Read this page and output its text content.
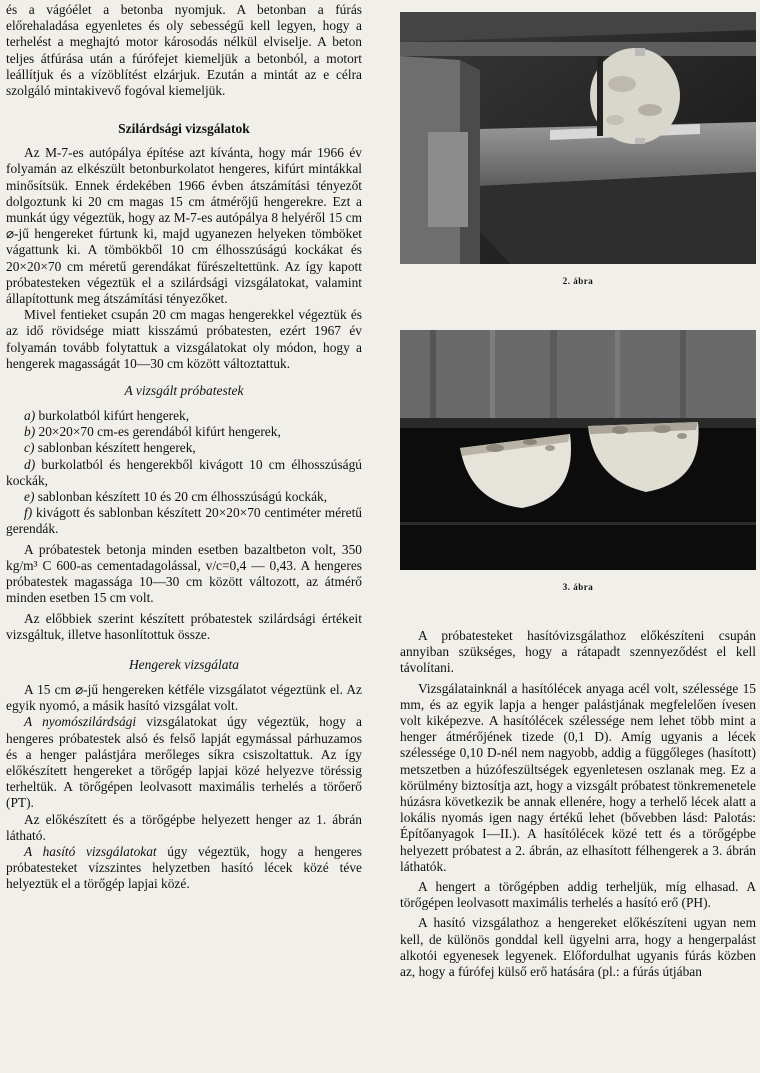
és a vágóélet a betonba nyomjuk. A betonban a fúrás előrehaladása egyenletes és oly sebességű kell legyen, hogy a terhelést a meghajtó motor károsodás nélkül elviselje. A beton teljes átfúrása után a fúrófejet kiemeljük a betonból, a motort leállítjuk és a vízöblítést elzárjuk. Ezután a mintát az e célra szolgáló mintakivevő fogóval kiemeljük.

Szilárdsági vizsgálatok

Az M-7-es autópálya építése azt kívánta, hogy már 1966 év folyamán az elkészült betonburkolatot hengeres, kifúrt mintákkal minősítsük. Ennek érdekében 1966 évben átszámítási tényezőt dolgoztunk ki 20 cm magas 15 cm átmérőjű hengerekre. Ezt a munkát úgy végeztük, hogy az M-7-es autópálya 8 helyéről 15 cm ⌀-jű hengereket fúrtunk ki, majd ugyanezen helyeken tömböket vágattunk ki. A tömbökből 10 cm élhosszúságú kockákat és 20×20×70 cm méretű gerendákat fűrészeltettünk. Az így kapott próbatesteken végeztük el a szilárdsági vizsgálatokat, valamint állapítottunk meg átszámítási tényezőket.

Mivel fentieket csupán 20 cm magas hengerekkel végeztük és az idő rövidsége miatt kisszámú próbatesten, ezért 1967 év folyamán tovább folytattuk a vizsgálatokat oly módon, hogy a hengerek magasságát 10—30 cm között változtattuk.

A vizsgált próbatestek
a) burkolatból kifúrt hengerek,
b) 20×20×70 cm-es gerendából kifúrt hengerek,
c) sablonban készített hengerek,
d) burkolatból és hengerekből kivágott 10 cm élhosszúságú kockák,
e) sablonban készített 10 és 20 cm élhosszúságú kockák,
f) kivágott és sablonban készített 20×20×70 centiméter méretű gerendák.

A próbatestek betonja minden esetben bazaltbeton volt, 350 kg/m³ C 600-as cementadagolással, v/c=0,4 — 0,43. A hengeres próbatestek magassága 10—30 cm között változott, az átmérő minden esetben 15 cm volt.

Az előbbiek szerint készített próbatestek szilárdsági értékeit vizsgáltuk, illetve hasonlítottuk össze.

Hengerek vizsgálata

A 15 cm ⌀-jű hengereken kétféle vizsgálatot végeztünk el. Az egyik nyomó, a másik hasító vizsgálat volt.

A nyomószilárdsági vizsgálatokat úgy végeztük, hogy a hengeres próbatestek alsó és felső lapját egymással párhuzamos és a henger palástjára merőleges síkra csiszoltattuk. Az így előkészített hengereket a törőgép lapjai közé helyezve töréssig terheltük. A törőgépen leolvasott maximális terhelés a törőerő (PT).

Az előkészített és a törőgépbe helyezett henger az 1. ábrán látható.

A hasító vizsgálatokat úgy végeztük, hogy a hengeres próbatesteket vízszintes helyzetben hasító lécek közé téve helyeztük el a törőgép lapjai közé.

2. ábra
3. ábra

A próbatesteket hasítóvizsgálathoz előkészíteni csupán annyiban szükséges, hogy a rátapadt szennyeződést el kell távolítani.

Vizsgálatainknál a hasítólécek anyaga acél volt, szélessége 15 mm, és az egyik lapja a henger palástjának megfelelően ívesen volt kiképezve. A hasítólécek szélessége nem lehet több mint a henger átmérőjének tizede (0,1 D). Amíg ugyanis a lécek szélessége 0,10 D-nél nem nagyobb, addig a függőleges (hasított) metszetben a húzófeszültségek egyenletesen oszlanak meg. Ez a körülmény biztosítja azt, hogy a vizsgált próbatest tönkremenetele húzásra következik be annak ellenére, hogy a terhelő lécek alatt a lokális nyomás igen nagy értékű lehet (bővebben lásd: Palotás: Építőanyagok I—II.). A hasítólécek közé tett és a törőgépbe helyezett próbatest a 2. ábrán, az elhasított félhengerek a 3. ábrán láthatók.

A hengert a törőgépben addig terheljük, míg elhasad. A törőgépen leolvasott maximális terhelés a hasító erő (PH).

A hasító vizsgálathoz a hengereket előkészíteni ugyan nem kell, de különös gonddal kell ügyelni arra, hogy a hengerpalást alkotói egyenesek legyenek. Előfordulhat ugyanis fúrás közben az, hogy a fúrófej külső erő hatására (pl.: a fúrás útjában
